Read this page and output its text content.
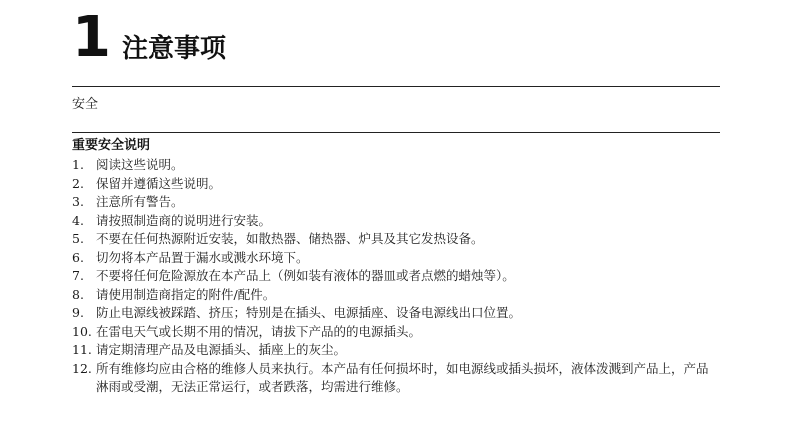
1 注意事项
安全
重要安全说明
1. 阅读这些说明。
2. 保留并遵循这些说明。
3. 注意所有警告。
4. 请按照制造商的说明进行安装。
5. 不要在任何热源附近安装，如散热器、储热器、炉具及其它发热设备。
6. 切勿将本产品置于漏水或溅水环境下。
7. 不要将任何危险源放在本产品上（例如装有液体的器皿或者点燃的蜡烛等）。
8. 请使用制造商指定的附件/配件。
9. 防止电源线被踩踏、挤压；特别是在插头、电源插座、设备电源线出口位置。
10. 在雷电天气或长期不用的情况，请拔下产品的的电源插头。
11. 请定期清理产品及电源插头、插座上的灰尘。
12. 所有维修均应由合格的维修人员来执行。本产品有任何损坏时，如电源线或插头损坏，液体泼溅到产品上，产品淋雨或受潮，无法正常运行，或者跌落，均需进行维修。
